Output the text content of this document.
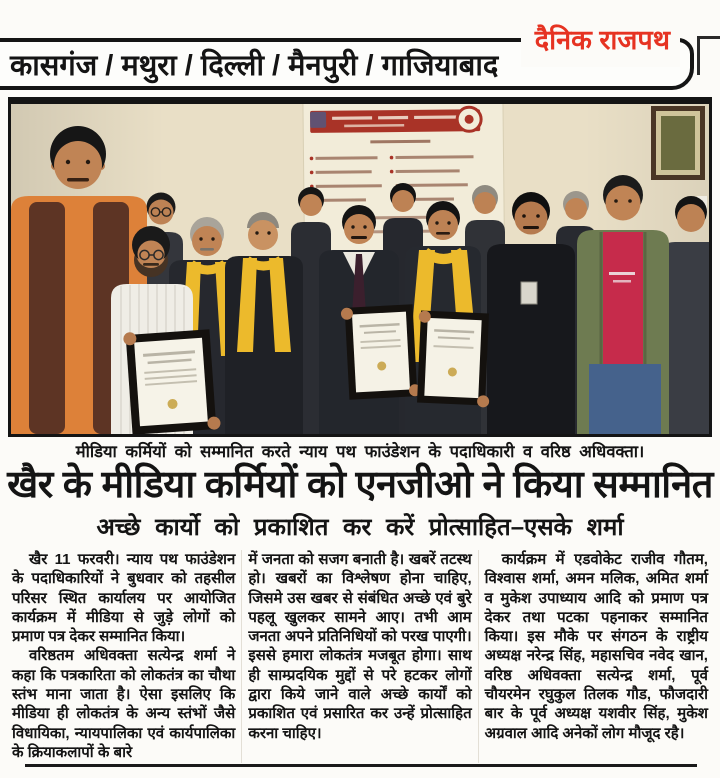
दैनिक राजपथ
कासगंज / मथुरा / दिल्ली / मैनपुरी / गाजियाबाद
मीडिया कर्मियों को सम्मानित करते न्याय पथ फाउंडेशन के पदाधिकारी व वरिष्ठ अधिवक्ता।
खैर के मीडिया कर्मियों को एनजीओ ने किया सम्मानित
अच्छे कार्यो को प्रकाशित कर करें प्रोत्साहित–एसके शर्मा

खैर 11 फरवरी। न्याय पथ फाउंडेशन के पदाधिकारियों ने बुधवार को तहसील परिसर स्थित कार्यालय पर आयोजित कार्यक्रम में मीडिया से जुड़े लोगों को प्रमाण पत्र देकर सम्मानित किया।

वरिष्ठतम अधिवक्ता सत्येन्द्र शर्मा ने कहा कि पत्रकारिता को लोकतंत्र का चौथा स्तंभ माना जाता है। ऐसा इसलिए कि मीडिया ही लोकतंत्र के अन्य स्तंभों जैसे विधायिका, न्यायपालिका एवं कार्यपालिका के क्रियाकलापों के बारे

में जनता को सजग बनाती है। खबरें तटस्थ हो। खबरों का विश्लेषण होना चाहिए, जिसमे उस खबर से संबंधित अच्छे एवं बुरे पहलू खुलकर सामने आए। तभी आम जनता अपने प्रतिनिधियों को परख पाएगी। इससे हमारा लोकतंत्र मजबूत होगा। साथ ही साम्प्रदयिक मुद्दों से परे हटकर लोगों द्वारा किये जाने वाले अच्छे कार्यों को प्रकाशित एवं प्रसारित कर उन्हें प्रोत्साहित करना चाहिए।

कार्यक्रम में एडवोकेट राजीव गौतम, विश्वास शर्मा, अमन मलिक, अमित शर्मा व मुकेश उपाध्याय आदि को प्रमाण पत्र देकर तथा पटका पहनाकर सम्मानित किया। इस मौके पर संगठन के राष्ट्रीय अध्यक्ष नरेन्द्र सिंह, महासचिव नवेद खान, वरिष्ठ अधिवक्ता सत्येन्द्र शर्मा, पूर्व चौयरमेन रघुकुल तिलक गौड, फौजदारी बार के पूर्व अध्यक्ष यशवीर सिंह, मुकेश अग्रवाल आदि अनेकों लोग मौजूद रहै।
